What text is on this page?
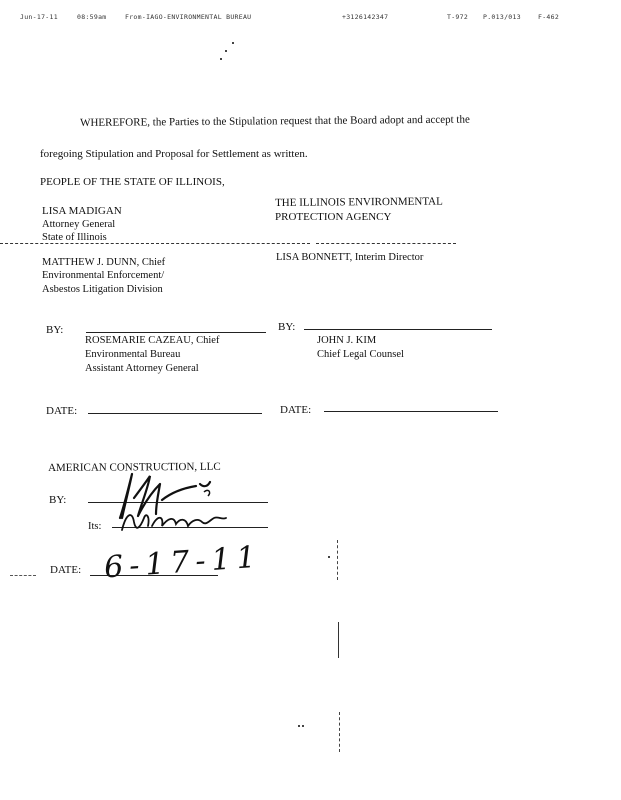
Jun-17-11	08:59am	From-IAGO-ENVIRONMENTAL BUREAU	+3126142347	T-972 P.013/013	F-462
WHEREFORE, the Parties to the Stipulation request that the Board adopt and accept the
foregoing Stipulation and Proposal for Settlement as written.
PEOPLE OF THE STATE OF ILLINOIS,
LISA MADIGAN
Attorney General
State of Illinois
THE ILLINOIS ENVIRONMENTAL
PROTECTION AGENCY
MATTHEW J. DUNN, Chief
Environmental Enforcement/
Asbestos Litigation Division
LISA BONNETT, Interim Director
BY:
ROSEMARIE CAZEAU, Chief
Environmental Bureau
Assistant Attorney General
BY:
JOHN J. KIM
Chief Legal Counsel
DATE:	DATE:
AMERICAN CONSTRUCTION, LLC
BY:
Its:
DATE: 6-17-11
